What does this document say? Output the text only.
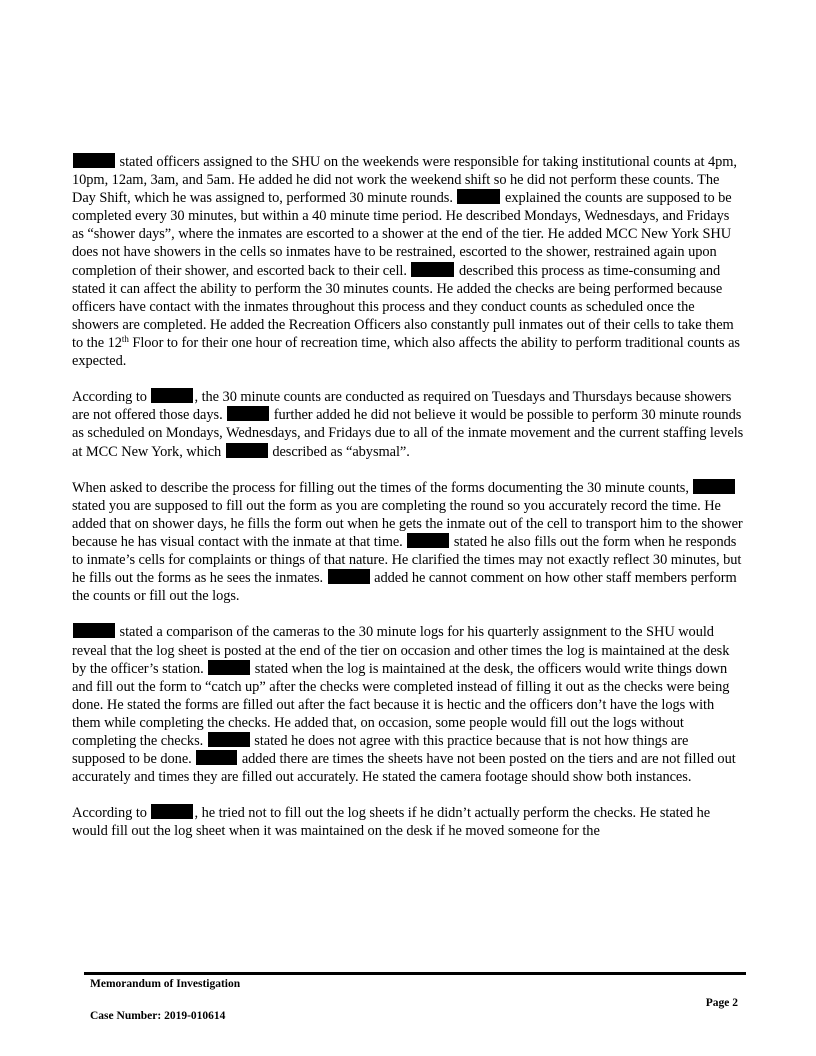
stated officers assigned to the SHU on the weekends were responsible for taking institutional counts at 4pm, 10pm, 12am, 3am, and 5am. He added he did not work the weekend shift so he did not perform these counts. The Day Shift, which he was assigned to, performed 30 minute rounds.	explained the counts are supposed to be completed every 30 minutes, but within a 40 minute time period. He described Mondays, Wednesdays, and Fridays as “shower days”, where the inmates are escorted to a shower at the end of the tier. He added MCC New York SHU does not have showers in the cells so inmates have to be restrained, escorted to the shower, restrained again upon completion of their shower, and escorted back to their cell.	described this process as time-consuming and stated it can affect the ability to perform the 30 minutes counts. He added the checks are being performed because officers have contact with the inmates throughout this process and they conduct counts as scheduled once the showers are completed. He added the Recreation Officers also constantly pull inmates out of their cells to take them to the 12th Floor to for their one hour of recreation time, which also affects the ability to perform traditional counts as expected.

According to	, the 30 minute counts are conducted as required on Tuesdays and Thursdays because showers are not offered those days.	further added he did not believe it would be possible to perform 30 minute rounds as scheduled on Mondays, Wednesdays, and Fridays due to all of the inmate movement and the current staffing levels at MCC New York, which	described as “abysmal”.

When asked to describe the process for filling out the times of the forms documenting the 30 minute counts,  stated you are supposed to fill out the form as you are completing the round so you accurately record the time. He added that on shower days, he fills the form out when he gets the inmate out of the cell to transport him to the shower because he has visual contact with the inmate at that time.	stated he also fills out the form when he responds to inmate’s cells for complaints or things of that nature. He clarified the times may not exactly reflect 30 minutes, but he fills out the forms as he sees the inmates.	added he cannot comment on how other staff members perform the counts or fill out the logs.

stated a comparison of the cameras to the 30 minute logs for his quarterly assignment to the SHU would reveal that the log sheet is posted at the end of the tier on occasion and other times the log is maintained at the desk by the officer’s station.	stated when the log is maintained at the desk, the officers would write things down and fill out the form to “catch up” after the checks were completed instead of filling it out as the checks were being done. He stated the forms are filled out after the fact because it is hectic and the officers don’t have the logs with them while completing the checks. He added that, on occasion, some people would fill out the logs without completing the checks.	stated he does not agree with this practice because that is not how things are supposed to be done.	added there are times the sheets have not been posted on the tiers and are not filled out accurately and times they are filled out accurately. He stated the camera footage should show both instances.

According to	, he tried not to fill out the log sheets if he didn’t actually perform the checks. He stated he would fill out the log sheet when it was maintained on the desk if he moved someone for the

Memorandum of Investigation
Case Number: 2019-010614
Page 2
